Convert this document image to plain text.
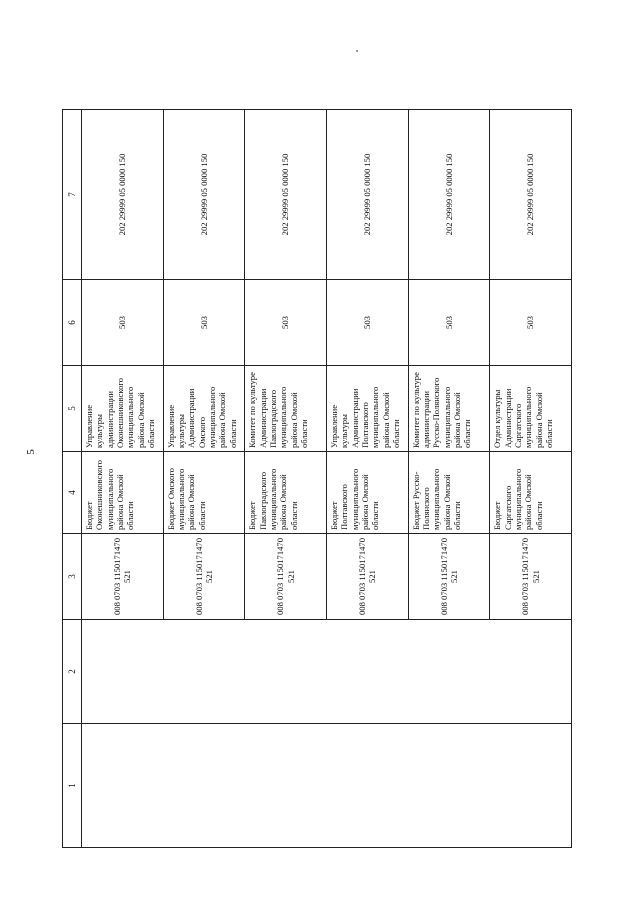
5
1	2	3	4	5	6	7
		008 0703 1150171470 521	Бюджет Оконешниковского муниципального района Омской области	Управление культуры администрации Оконешниковского муниципального района Омской области	503	202 29999 05 0000 150
		008 0703 1150171470 521	Бюджет Омского муниципального района Омской области	Управление культуры Администрации Омского муниципального района Омской области	503	202 29999 05 0000 150
		008 0703 1150171470 521	Бюджет Павлоградского муниципального района Омской области	Комитет по культуре Администрации Павлоградского муниципального района Омской области	503	202 29999 05 0000 150
		008 0703 1150171470 521	Бюджет Полтавского муниципального района Омской области	Управление культуры Администрации Полтавского муниципального района Омской области	503	202 29999 05 0000 150
		008 0703 1150171470 521	Бюджет Русско-Полянского муниципального района Омской области	Комитет по культуре администрации Русско-Полянского муниципального района Омской области	503	202 29999 05 0000 150
		008 0703 1150171470 521	Бюджет Саргатского муниципального района Омской области	Отдел культуры Администрации Саргатского муниципального района Омской области	503	202 29999 05 0000 150
